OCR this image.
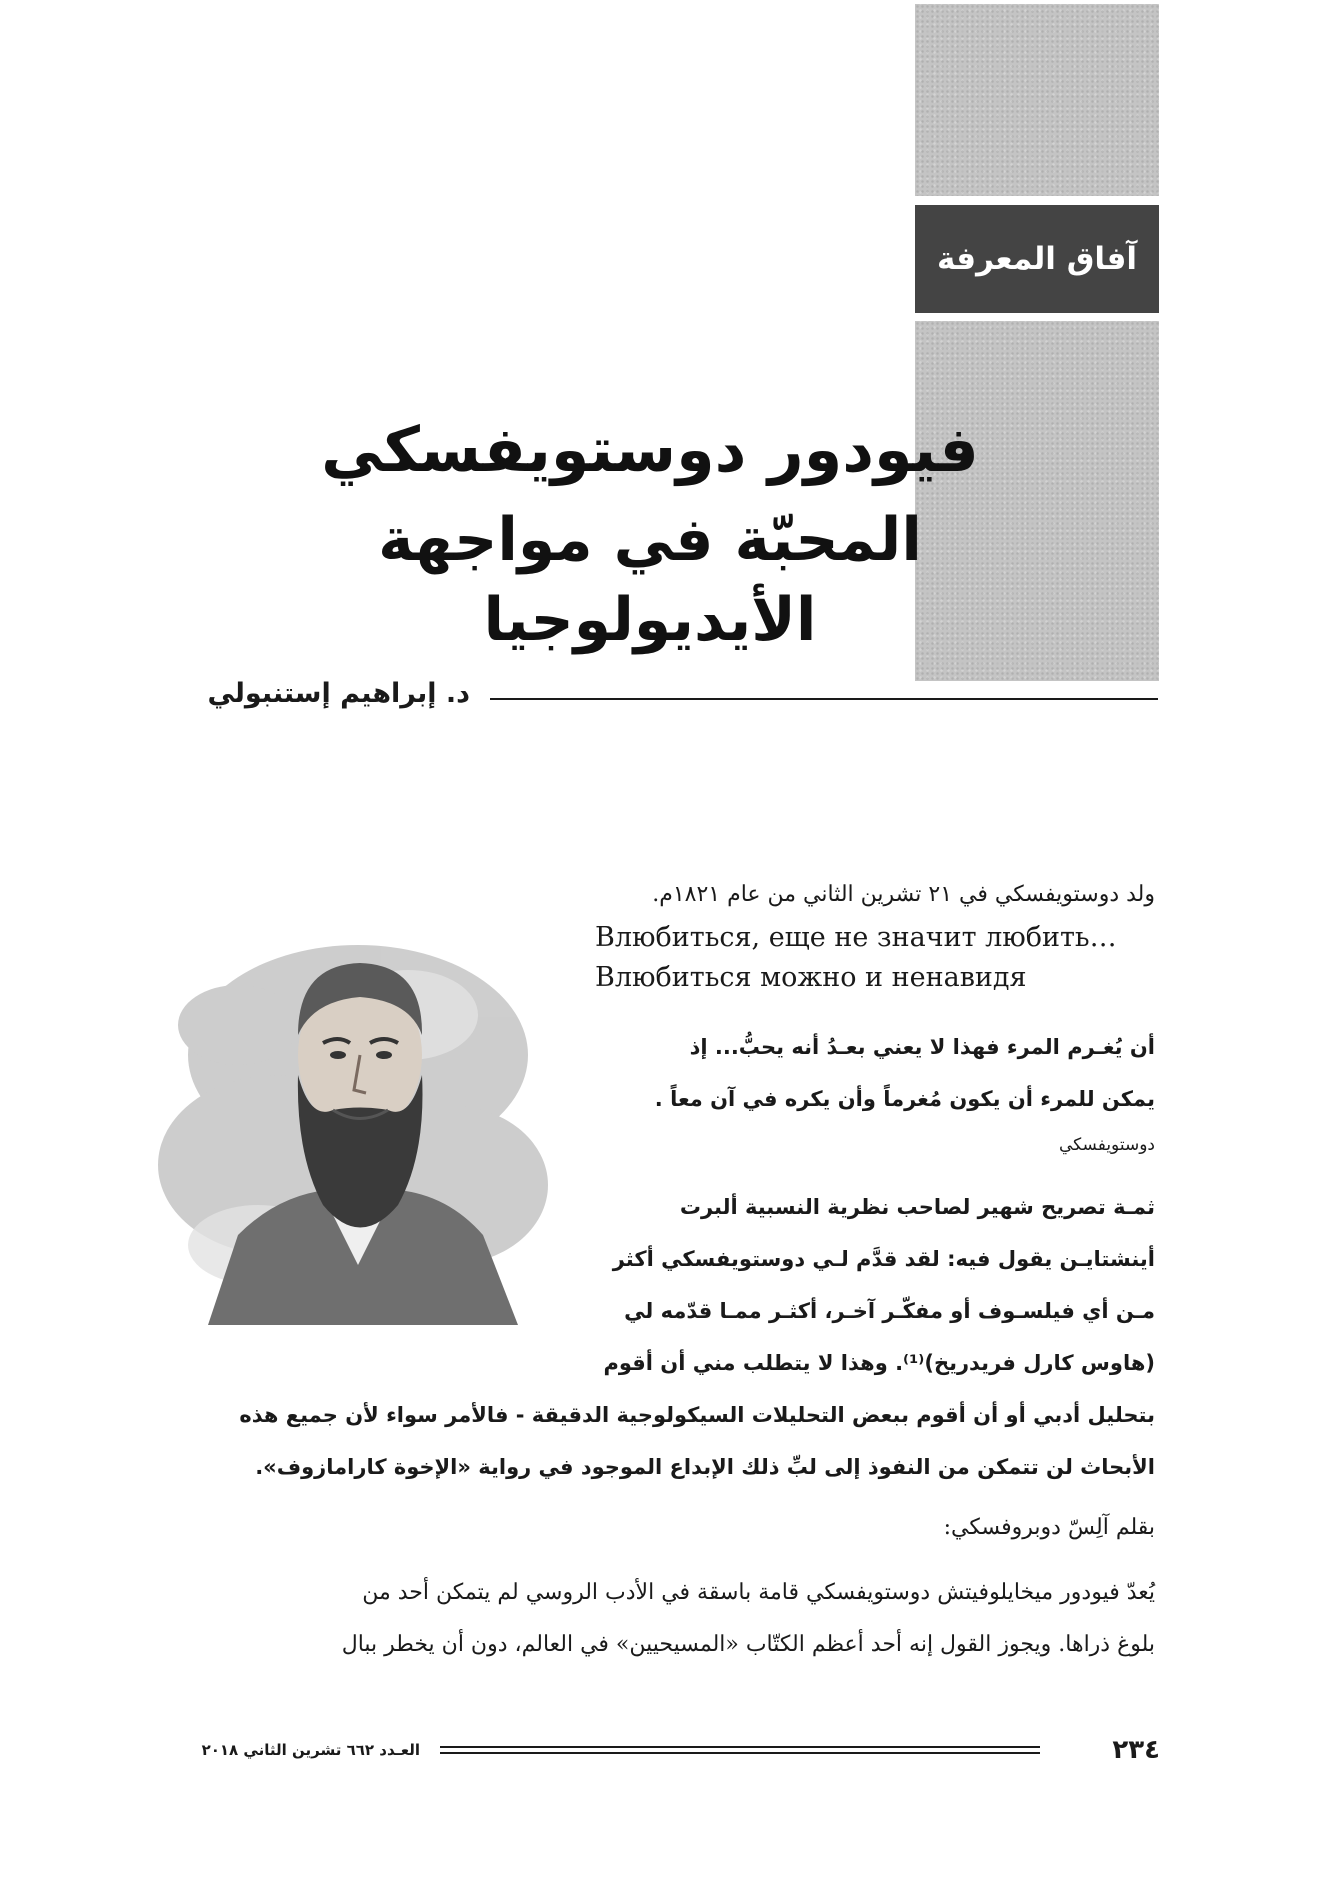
آفاق المعرفة
فيودور دوستويفسكي
المحبّة في مواجهة الأيديولوجيا
د. إبراهيم إستنبولي
ولد دوستويفسكي في ٢١ تشرين الثاني من عام ١٨٢١م.
Влюбиться, еще не значит любить…
Влюбиться можно и ненавидя
أن يُغـرم المرء فهذا لا يعني بعـدُ أنه يحبُّ... إذ
يمكن للمرء أن يكون مُغرماً وأن يكره في آن معاً .
دوستويفسكي
ثمـة تصريح شهير لصاحب نظرية النسبية ألبرت
أينشتايـن يقول فيه: لقد قدَّم لـي دوستويفسكي أكثر
مـن أي فيلسـوف أو مفكّـر آخـر، أكثـر ممـا قدّمه لي
(هاوس كارل فريدريخ)⁽¹⁾. وهذا لا يتطلب مني أن أقوم
بتحليل أدبي أو أن أقوم ببعض التحليلات السيكولوجية الدقيقة - فالأمر سواء لأن جميع هذه
الأبحاث لن تتمكن من النفوذ إلى لبِّ ذلك الإبداع الموجود في رواية «الإخوة كارامازوف».
بقلم آلِسّ دوبروفسكي:
يُعدّ فيودور ميخايلوفيتش دوستويفسكي قامة باسقة في الأدب الروسي لم يتمكن أحد من
بلوغ ذراها. ويجوز القول إنه أحد أعظم الكتّاب «المسيحيين» في العالم، دون أن يخطر ببال
العـدد ٦٦٢ تشرين الثاني ٢٠١٨	٢٣٤
